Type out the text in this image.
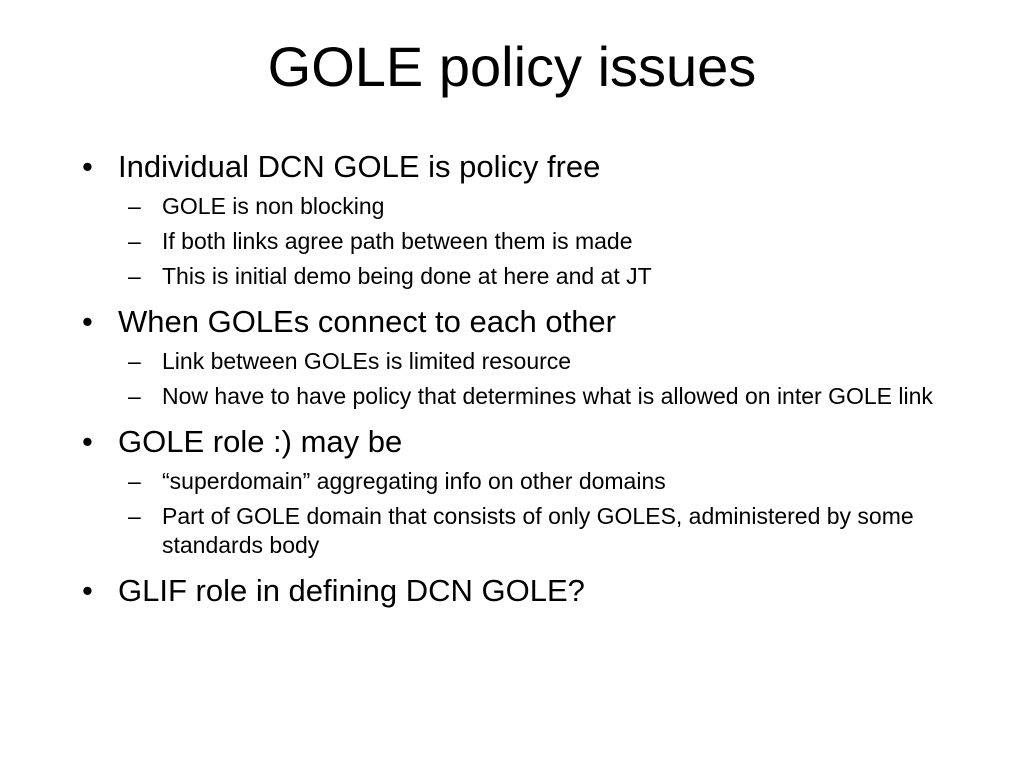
GOLE policy issues
• Individual DCN GOLE is policy free
– GOLE is non blocking
– If both links agree path between them is made
– This is initial demo being done at here and at JT
• When GOLEs connect to each other
– Link between GOLEs is limited resource
– Now have to have policy that determines what is allowed on inter GOLE link
• GOLE role :) may be
– “superdomain” aggregating info on other domains
– Part of GOLE domain that consists of only GOLES, administered by some standards body
• GLIF role in defining DCN GOLE?
